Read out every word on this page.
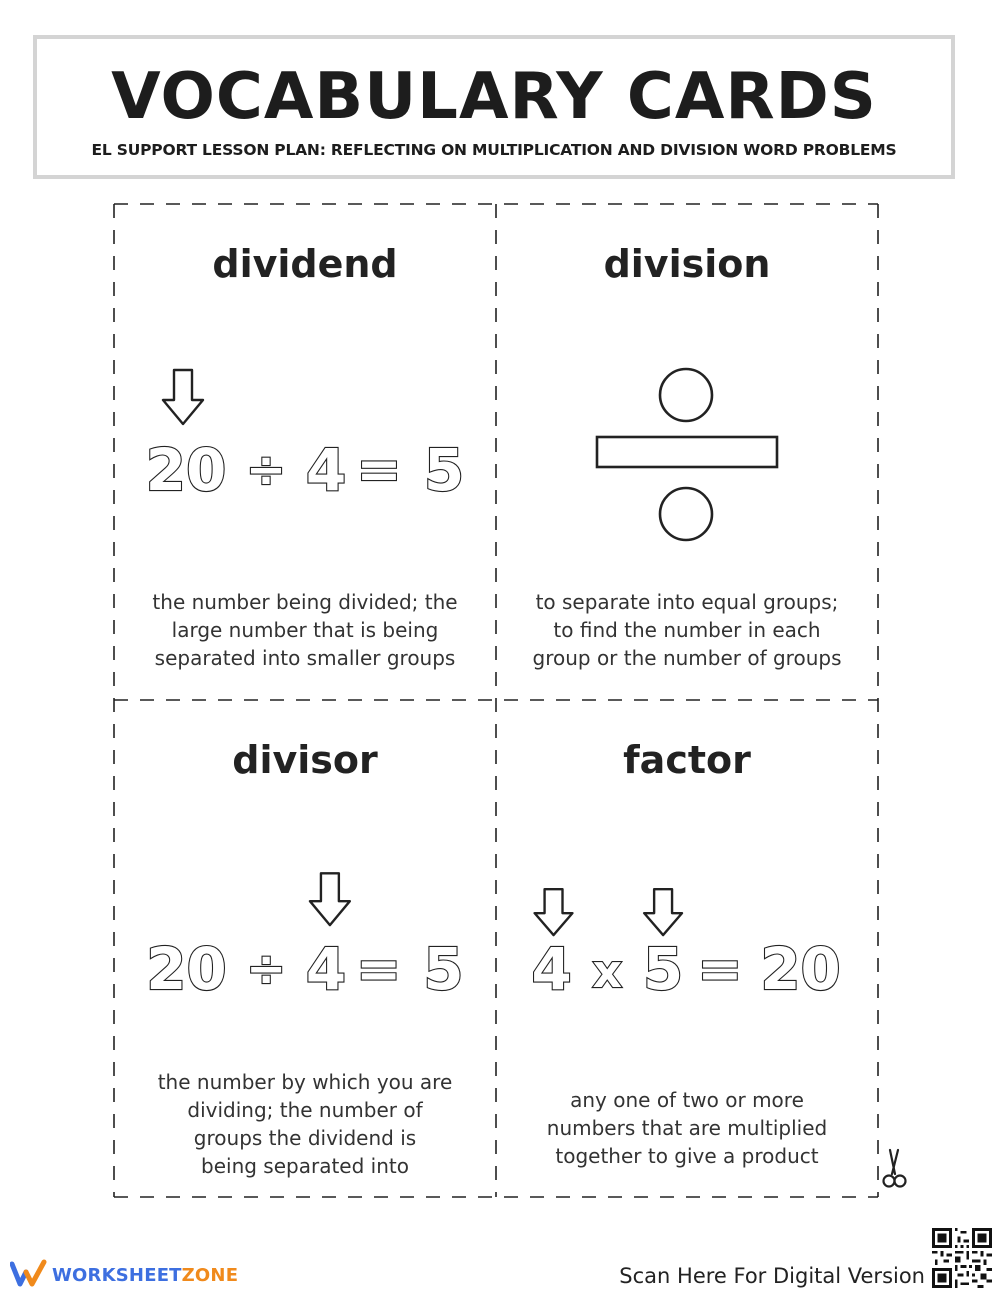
VOCABULARY CARDS
EL SUPPORT LESSON PLAN: REFLECTING ON MULTIPLICATION AND DIVISION WORD PROBLEMS
dividend
20 ÷ 4 = 5
the number being divided; the
large number that is being
separated into smaller groups
division
to separate into equal groups;
to find the number in each
group or the number of groups
divisor
20 ÷ 4 = 5
the number by which you are
dividing; the number of
groups the dividend is
being separated into
factor
4 x 5 = 20
any one of two or more
numbers that are multiplied
together to give a product
WORKSHEETZONE	Scan Here For Digital Version
